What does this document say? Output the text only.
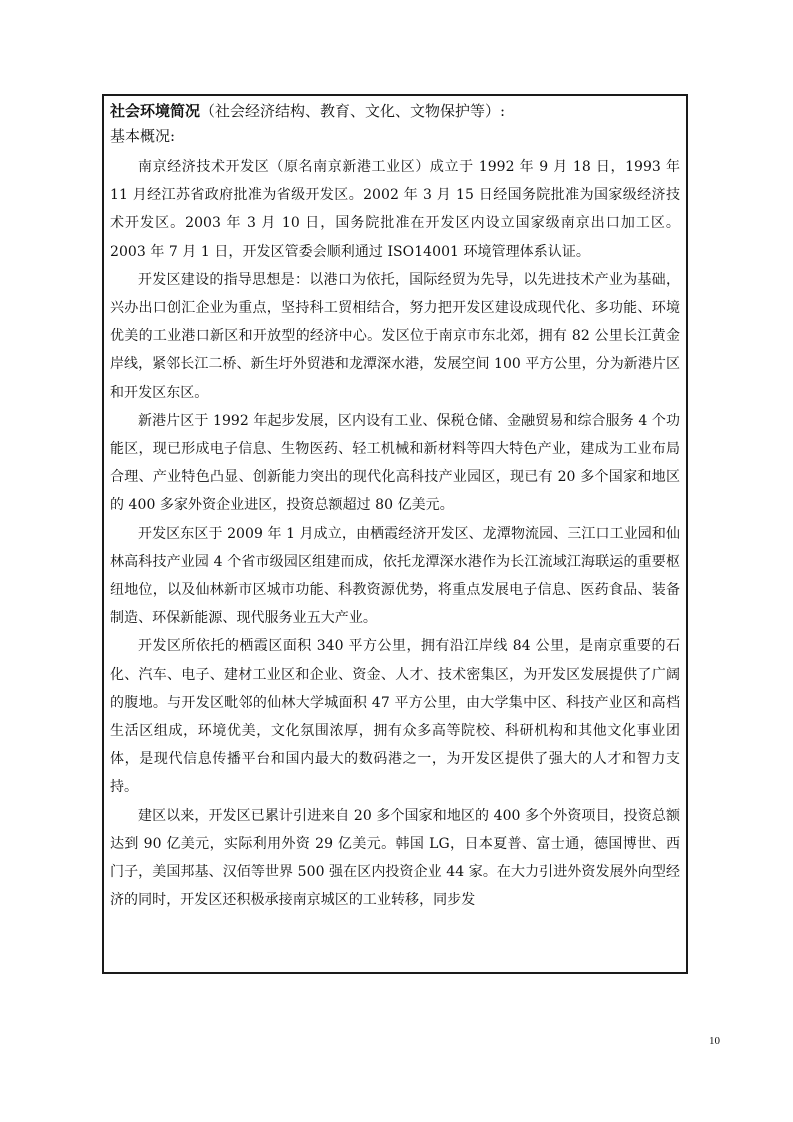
社会环境简况（社会经济结构、教育、文化、文物保护等）:
基本概况:

南京经济技术开发区（原名南京新港工业区）成立于 1992 年 9 月 18 日，1993 年 11 月经江苏省政府批准为省级开发区。2002 年 3 月 15 日经国务院批准为国家级经济技术开发区。2003 年 3 月 10 日，国务院批准在开发区内设立国家级南京出口加工区。2003 年 7 月 1 日，开发区管委会顺利通过 ISO14001 环境管理体系认证。

开发区建设的指导思想是：以港口为依托，国际经贸为先导，以先进技术产业为基础，兴办出口创汇企业为重点，坚持科工贸相结合，努力把开发区建设成现代化、多功能、环境优美的工业港口新区和开放型的经济中心。发区位于南京市东北郊，拥有 82 公里长江黄金岸线，紧邻长江二桥、新生圩外贸港和龙潭深水港，发展空间 100 平方公里，分为新港片区和开发区东区。

新港片区于 1992 年起步发展，区内设有工业、保税仓储、金融贸易和综合服务 4 个功能区，现已形成电子信息、生物医药、轻工机械和新材料等四大特色产业，建成为工业布局合理、产业特色凸显、创新能力突出的现代化高科技产业园区，现已有 20 多个国家和地区的 400 多家外资企业进区，投资总额超过 80 亿美元。

开发区东区于 2009 年 1 月成立，由栖霞经济开发区、龙潭物流园、三江口工业园和仙林高科技产业园 4 个省市级园区组建而成，依托龙潭深水港作为长江流域江海联运的重要枢纽地位，以及仙林新市区城市功能、科教资源优势，将重点发展电子信息、医药食品、装备制造、环保新能源、现代服务业五大产业。

开发区所依托的栖霞区面积 340 平方公里，拥有沿江岸线 84 公里，是南京重要的石化、汽车、电子、建材工业区和企业、资金、人才、技术密集区，为开发区发展提供了广阔的腹地。与开发区毗邻的仙林大学城面积 47 平方公里，由大学集中区、科技产业区和高档生活区组成，环境优美，文化氛围浓厚，拥有众多高等院校、科研机构和其他文化事业团体，是现代信息传播平台和国内最大的数码港之一，为开发区提供了强大的人才和智力支持。

建区以来，开发区已累计引进来自 20 多个国家和地区的 400 多个外资项目，投资总额达到 90 亿美元，实际利用外资 29 亿美元。韩国 LG，日本夏普、富士通，德国博世、西门子，美国邦基、汉佰等世界 500 强在区内投资企业 44 家。在大力引进外资发展外向型经济的同时，开发区还积极承接南京城区的工业转移，同步发

10
